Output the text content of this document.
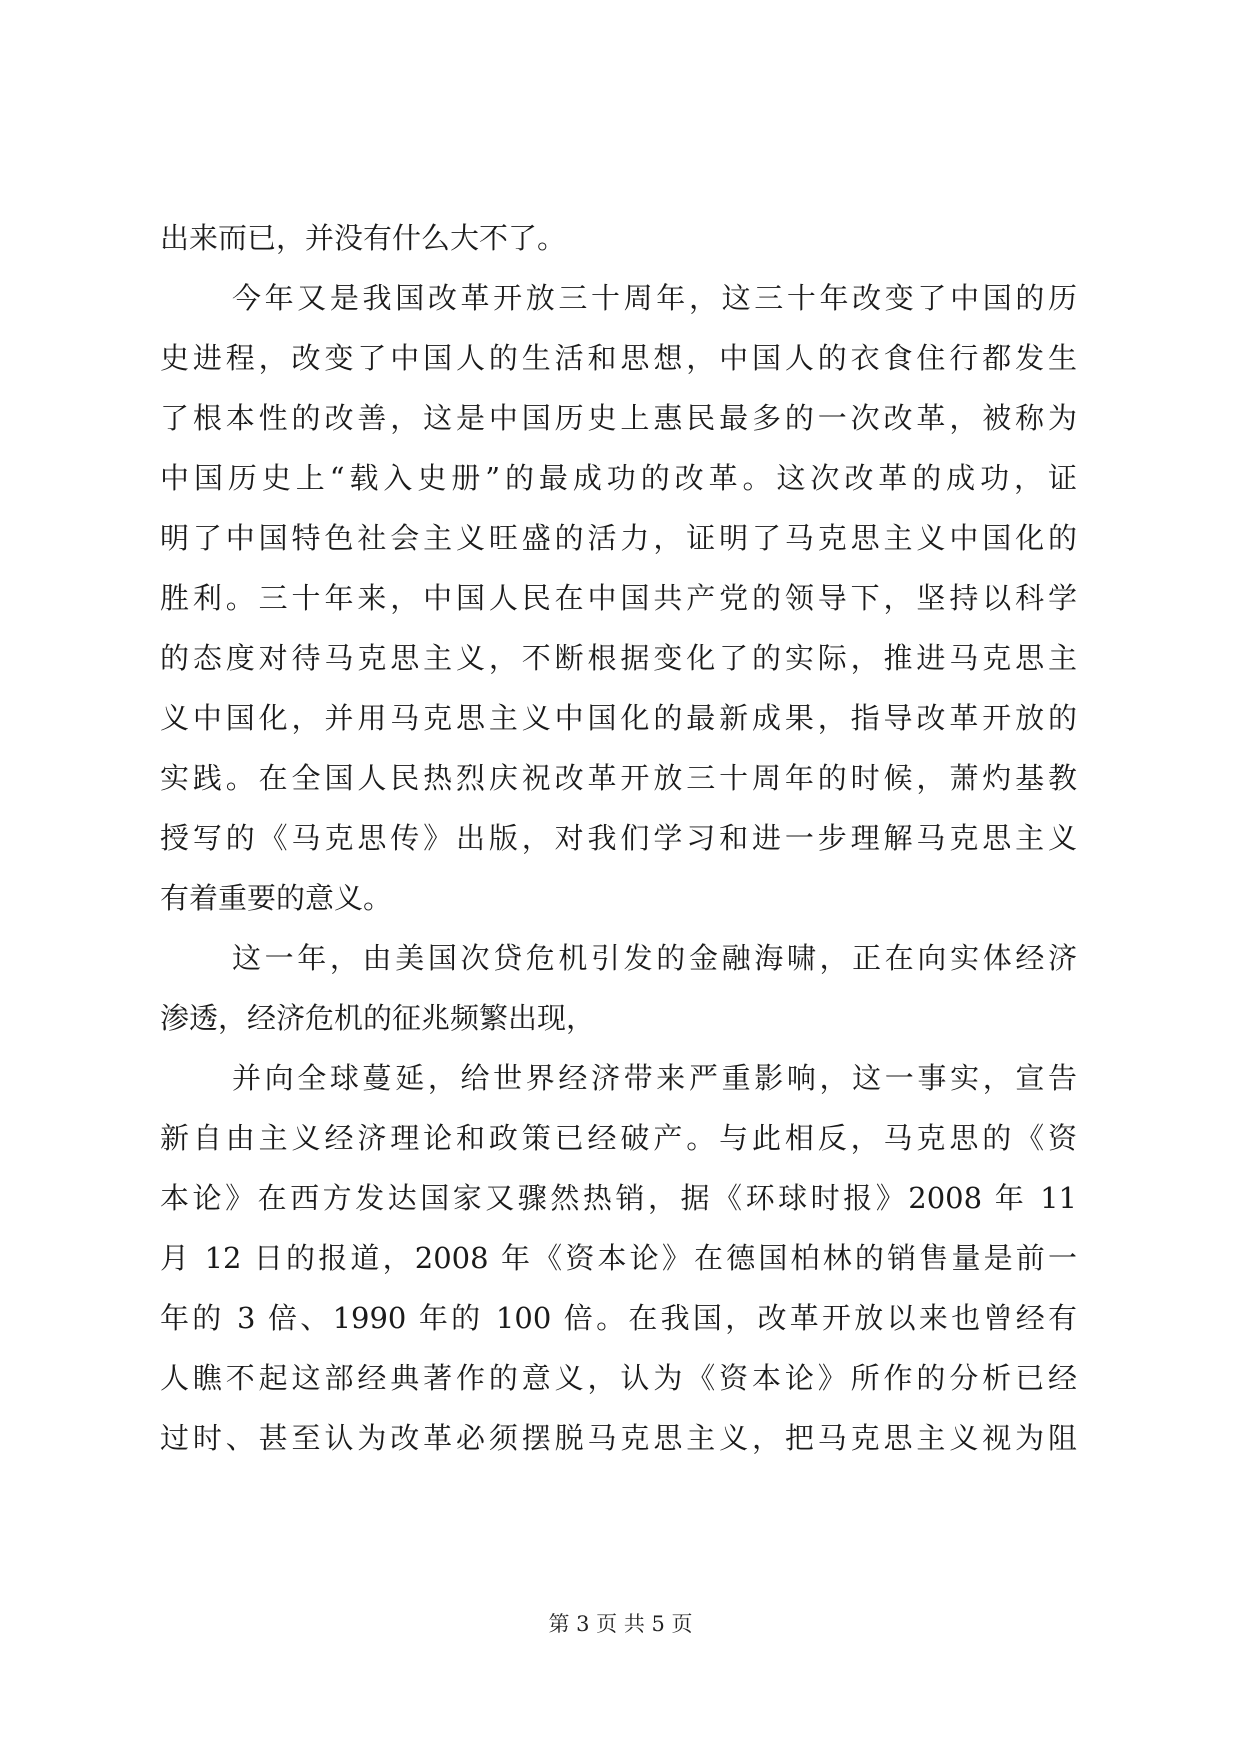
出来而已，并没有什么大不了。
今年又是我国改革开放三十周年，这三十年改变了中国的历
史进程，改变了中国人的生活和思想，中国人的衣食住行都发生
了根本性的改善，这是中国历史上惠民最多的一次改革，被称为
中国历史上“载入史册”的最成功的改革。这次改革的成功，证
明了中国特色社会主义旺盛的活力，证明了马克思主义中国化的
胜利。三十年来，中国人民在中国共产党的领导下，坚持以科学
的态度对待马克思主义，不断根据变化了的实际，推进马克思主
义中国化，并用马克思主义中国化的最新成果，指导改革开放的
实践。在全国人民热烈庆祝改革开放三十周年的时候，萧灼基教
授写的《马克思传》出版，对我们学习和进一步理解马克思主义
有着重要的意义。
这一年，由美国次贷危机引发的金融海啸，正在向实体经济
渗透，经济危机的征兆频繁出现，
并向全球蔓延，给世界经济带来严重影响，这一事实，宣告
新自由主义经济理论和政策已经破产。与此相反，马克思的《资
本论》在西方发达国家又骤然热销，据《环球时报》2008 年 11
月 12 日的报道，2008 年《资本论》在德国柏林的销售量是前一
年的 3 倍、1990 年的 100 倍。在我国，改革开放以来也曾经有
人瞧不起这部经典著作的意义，认为《资本论》所作的分析已经
过时、甚至认为改革必须摆脱马克思主义，把马克思主义视为阻
第 3 页 共 5 页
